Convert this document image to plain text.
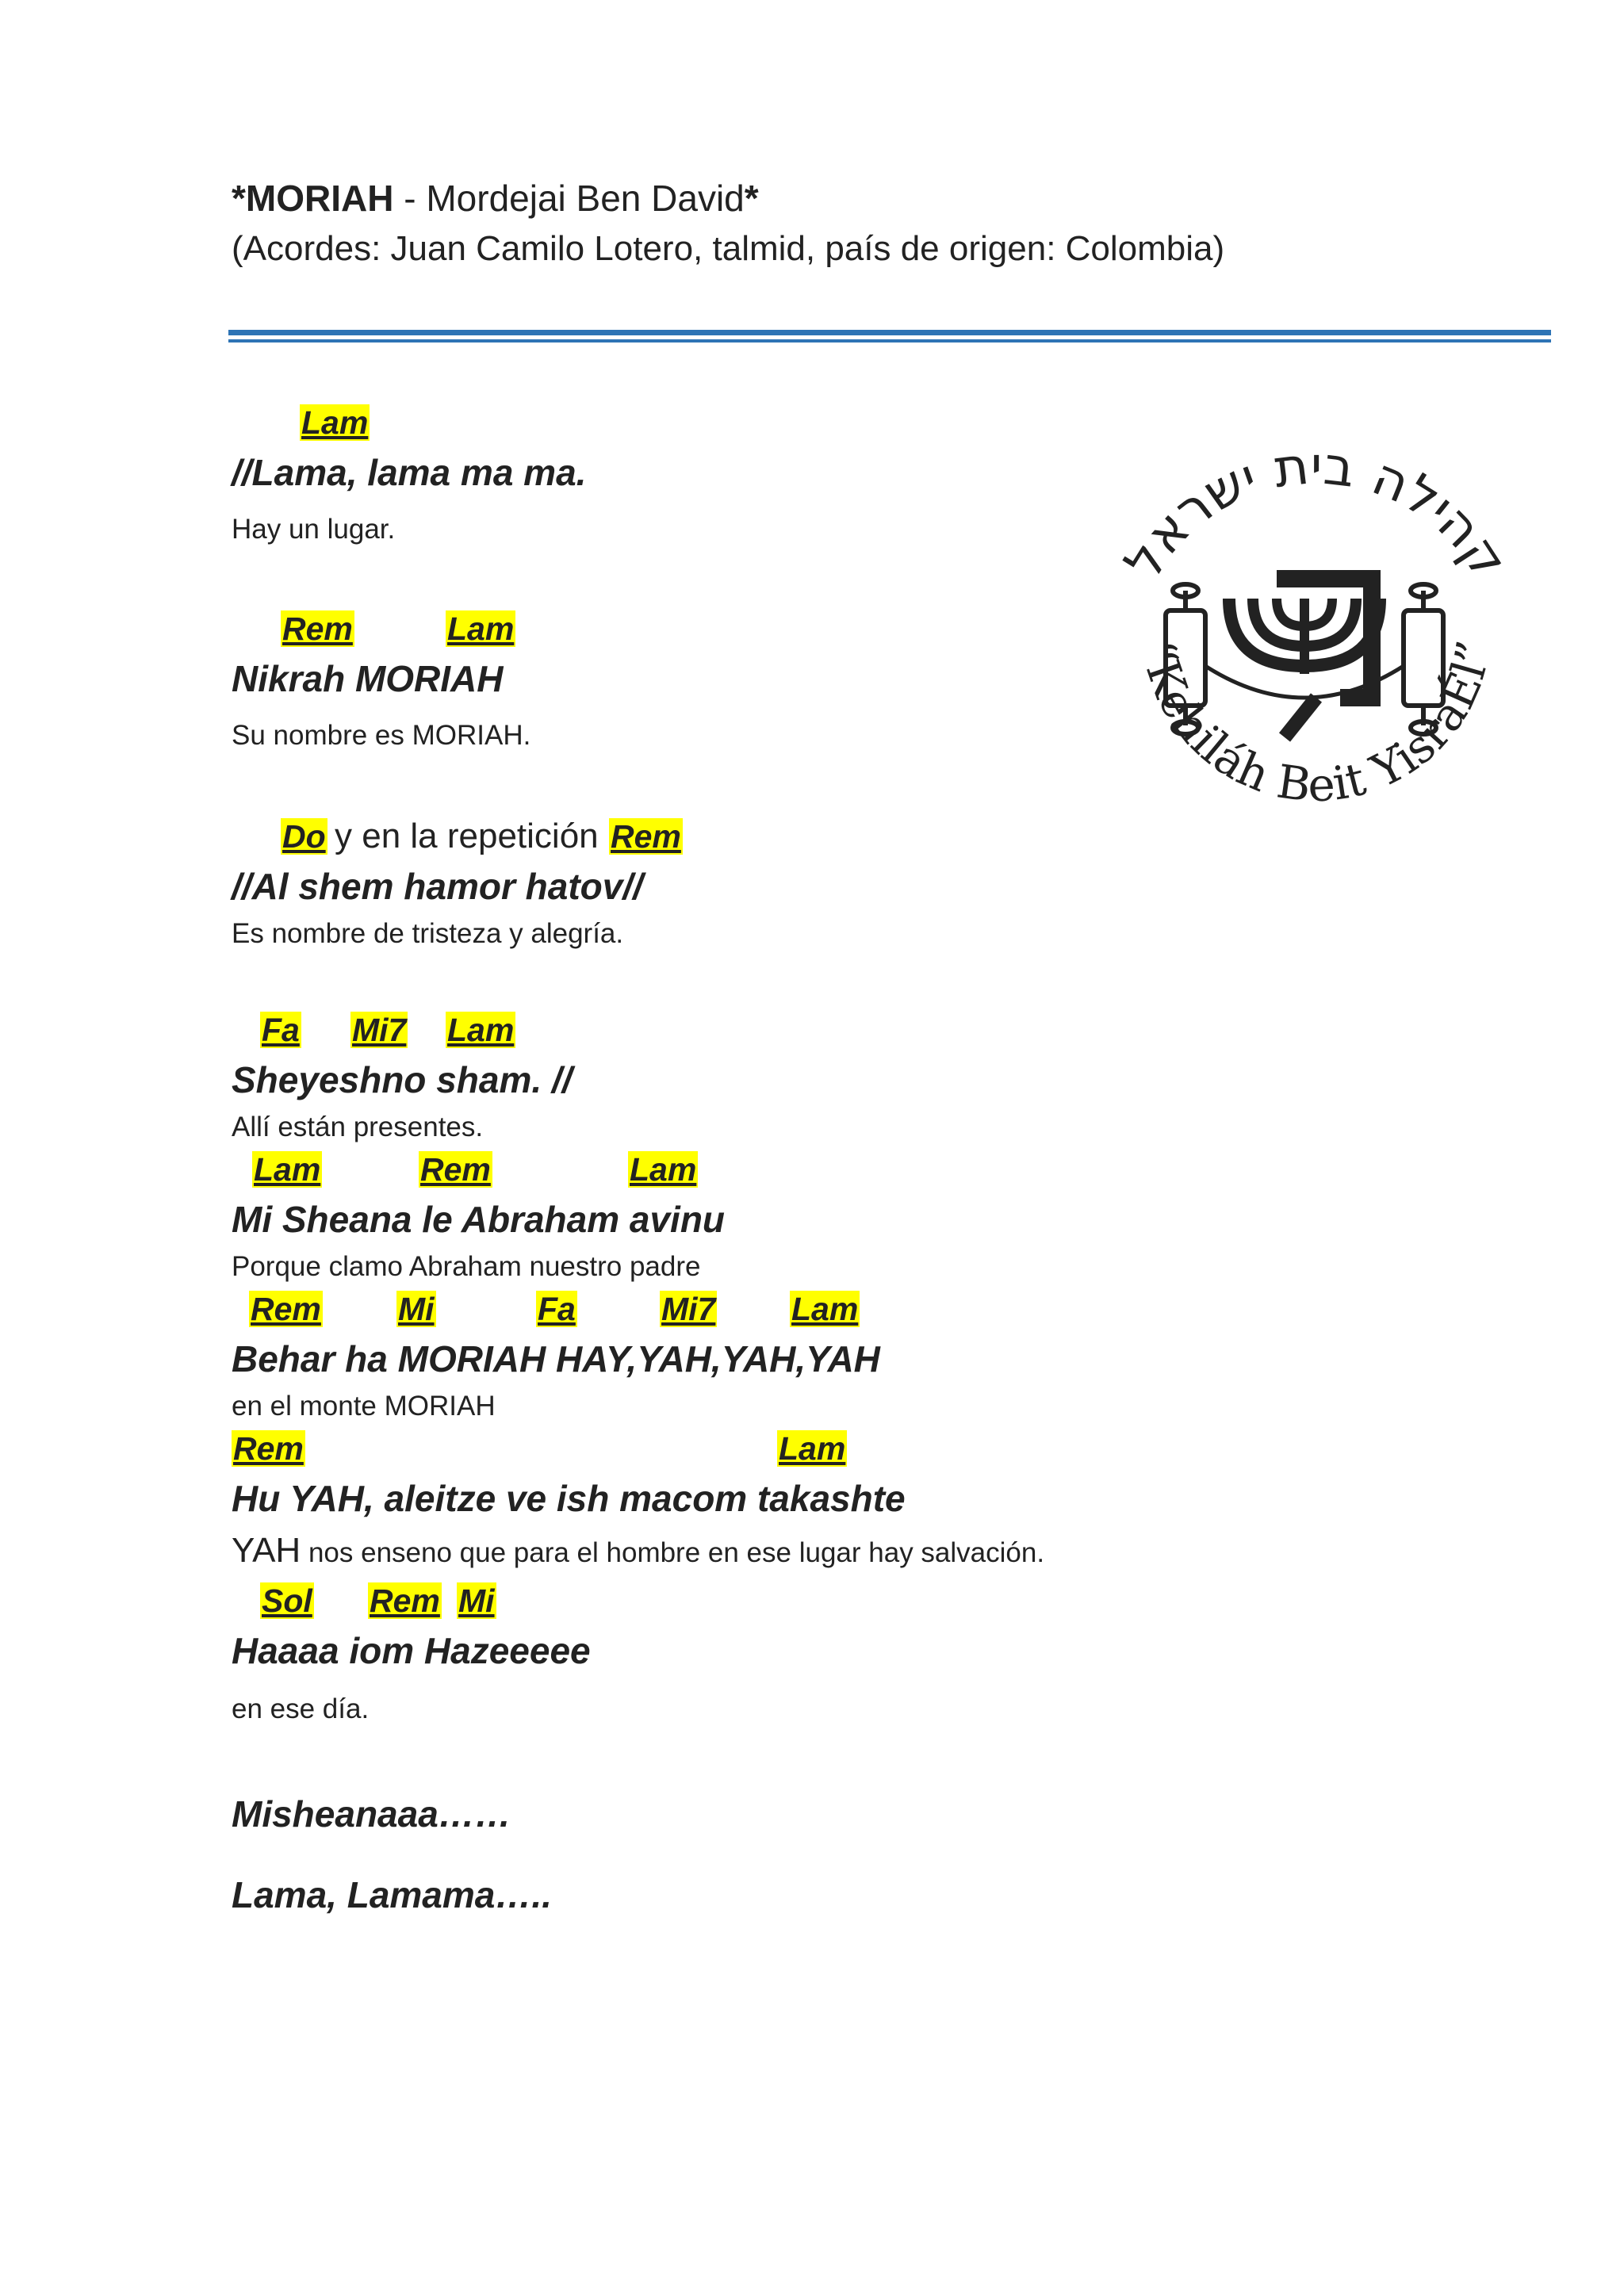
*MORIAH - Mordejai Ben David*
(Acordes: Juan Camilo Lotero, talmid, país de origen: Colombia)
Lam
//Lama, lama ma ma.
Hay un lugar.
Rem	Lam
Nikrah MORIAH
Su nombre es MORIAH.
Do y en la repetición Rem
//Al shem hamor hatov//
Es nombre de tristeza y alegría.
Fa Mi7 Lam
Sheyeshno sham. //
Allí están presentes.
Lam	Rem	Lam
Mi Sheana le Abraham avinu
Porque clamo Abraham nuestro padre
Rem Mi	Fa	Mi7 Lam
Behar ha MORIAH HAY,YAH,YAH,YAH
en el monte MORIAH
Rem	Lam
Hu YAH, aleitze ve ish macom takashte
YAH nos enseno que para el hombre en ese lugar hay salvación.
Sol Rem Mi
Haaaa iom Hazeeeee
en ese día.
Misheanaaa……
Lama, Lamama…..
קהילה בית ישראל
“Kehiláh Beit YisraÉl”
